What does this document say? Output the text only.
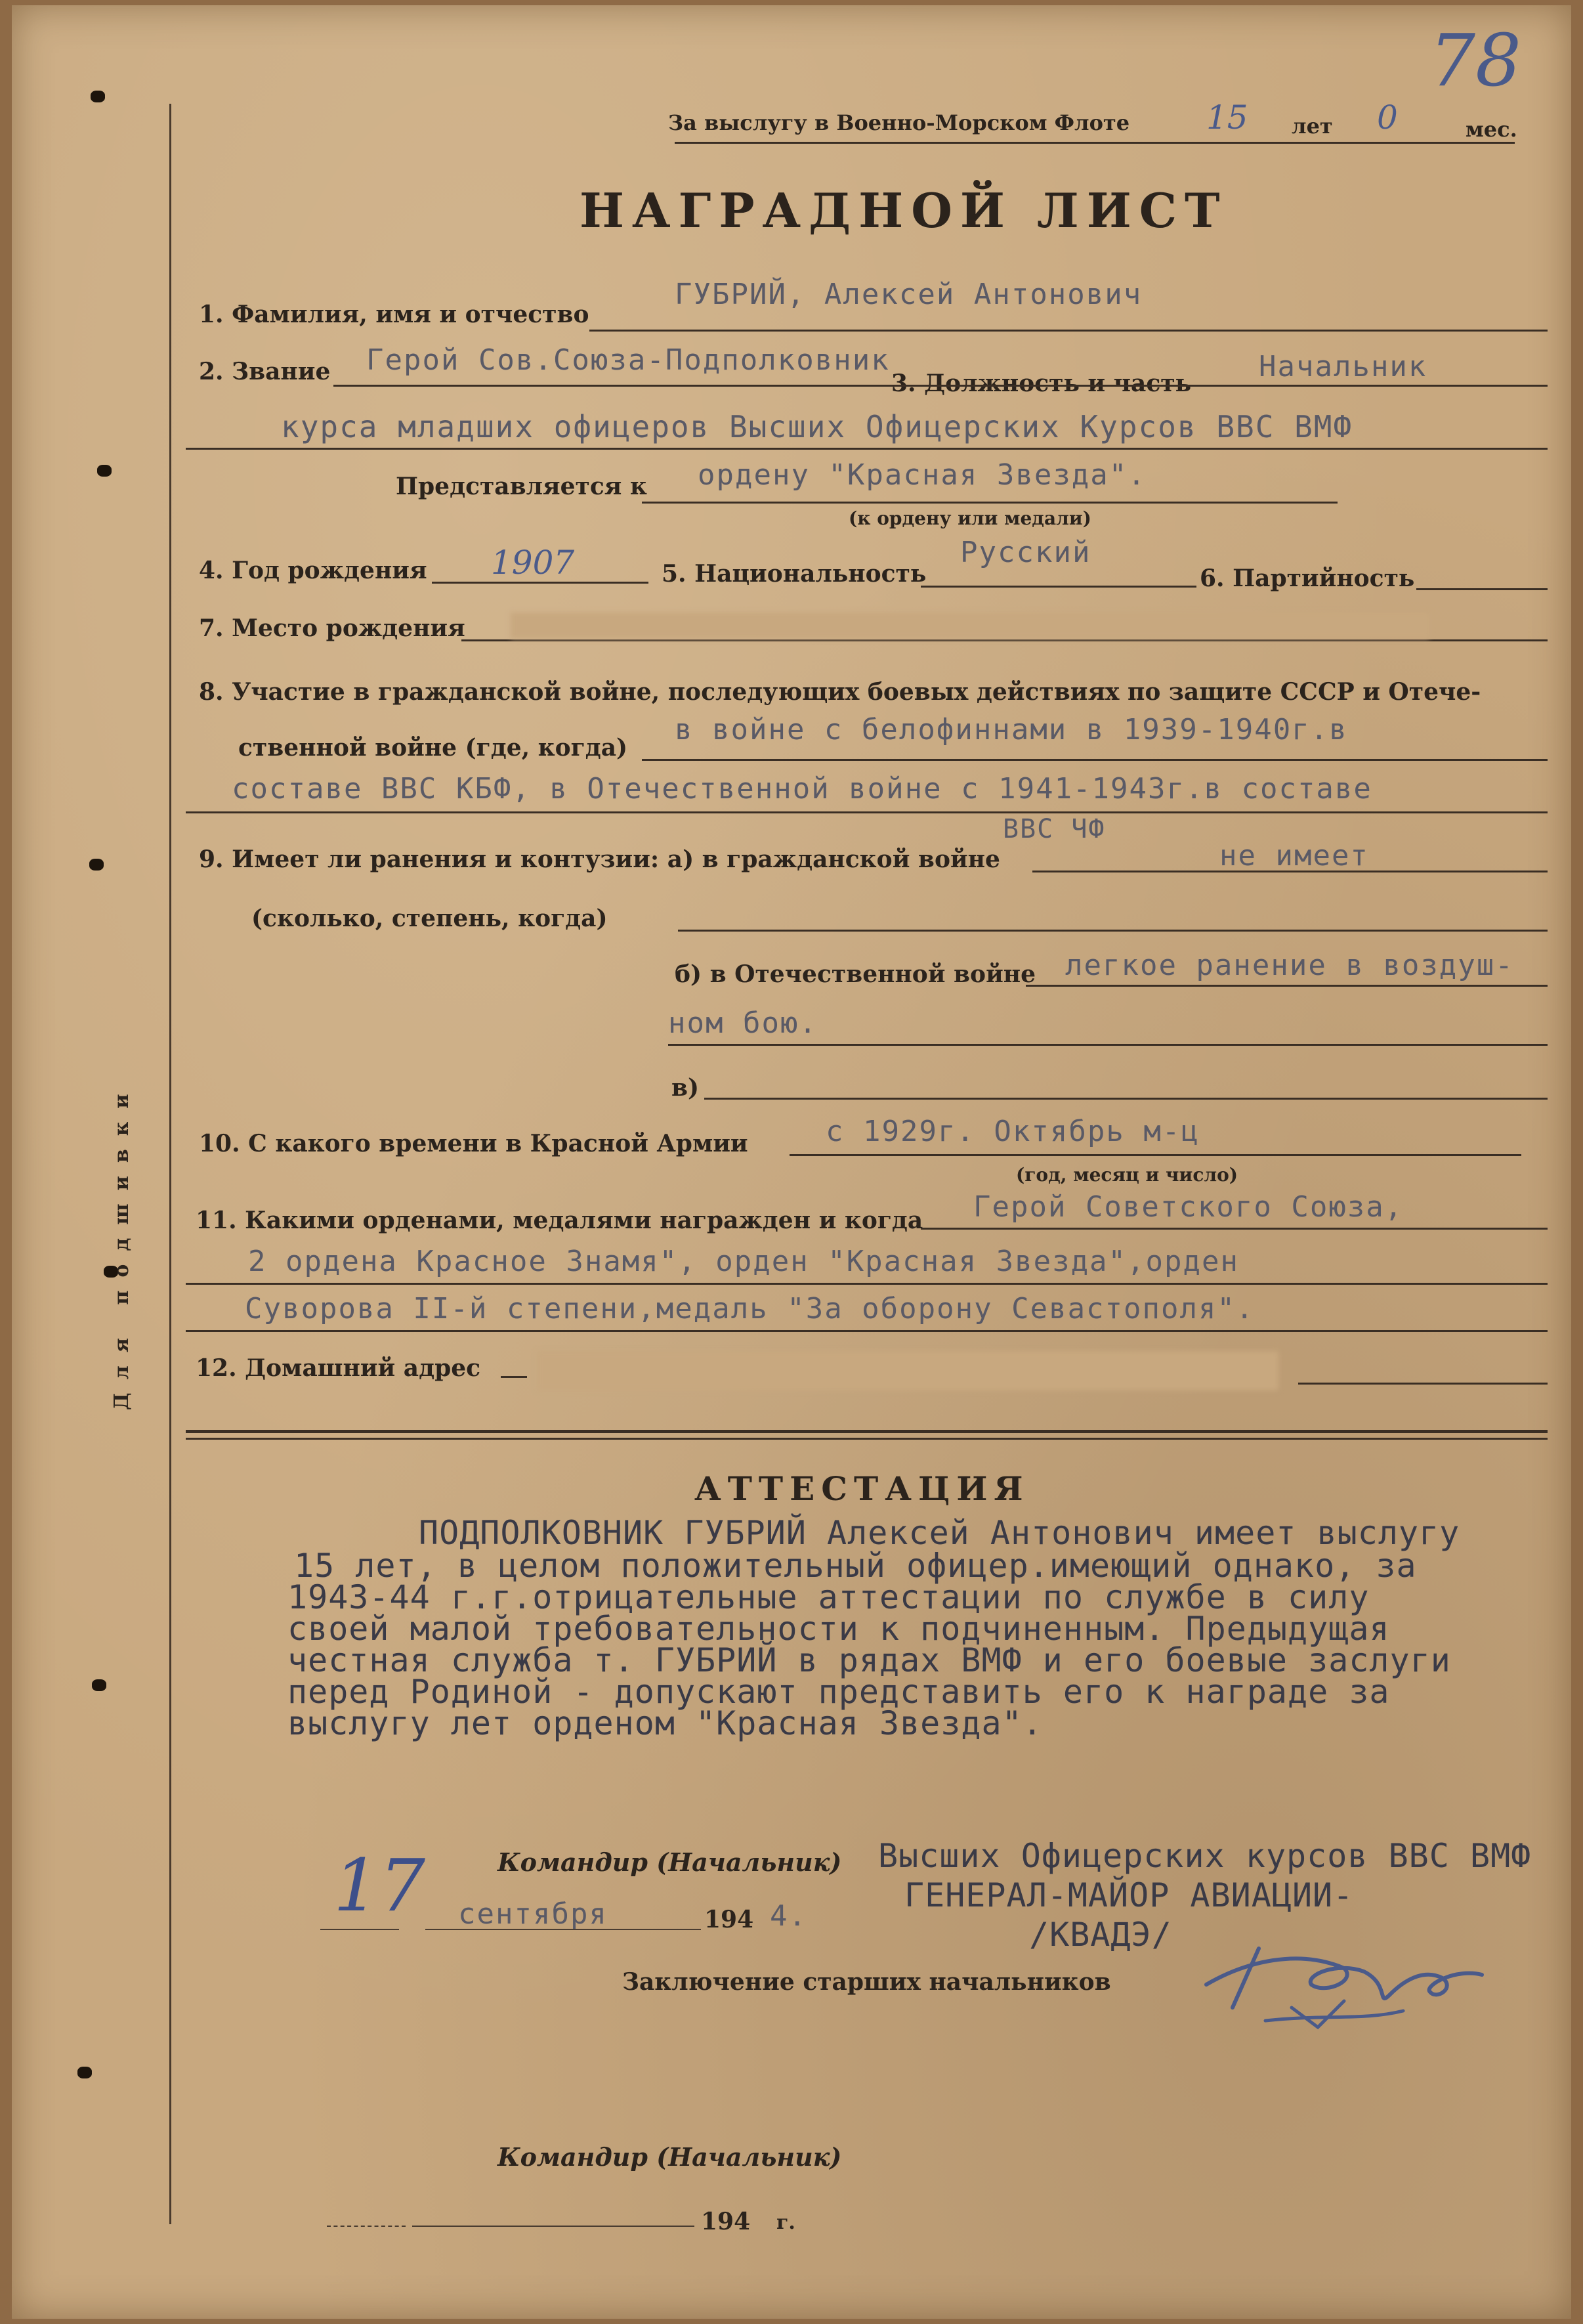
Для подшивки
78
За выслугу в Военно-Морском Флоте 15 лет 0	мес.
НАГРАДНОЙ ЛИСТ
1. Фамилия, имя и отчество
ГУБРИЙ, Алексей Антонович
2. Звание Герой Сов.Союза-Подполковник
3. Должность и часть Начальник
курса младших офицеров Высших Офицерских Курсов ВВС ВМФ
Представляется к ордену "Красная Звезда".
(к ордену или медали)
4. Год рождения 1907	5. Национальность
Русский
6. Партийность
7. Место рождения
8. Участие в гражданской войне, последующих боевых действиях по защите СССР и Отече-
ственной войне (где, когда)
в войне с белофиннами в 1939-1940г.в
составе ВВС КБФ, в Отечественной войне с 1941-1943г.в составе
ВВС ЧФ
9. Имеет ли ранения и контузии: а) в гражданской войне	не имеет
(сколько, степень, когда)
б) в Отечественной войне легкое ранение в воздуш-
ном бою.
в)
10. С какого времени в Красной Армии	с 1929г. Октябрь м-ц
(год, месяц и число)
11. Какими орденами, медалями награжден и когда Герой Советского Союза,
2 ордена Красное Знамя", орден "Красная Звезда",орден
Суворова II-й степени,медаль "За оборону Севастополя".
12. Домашний адрес
АТТЕСТАЦИЯ
ПОДПОЛКОВНИК ГУБРИЙ Алексей Антонович имеет выслугу
15 лет, в целом положительный офицер.имеющий однако, за
1943-44 г.г.отрицательные аттестации по службе в силу
своей малой требовательности к подчиненным. Предыдущая
честная служба т. ГУБРИЙ в рядах ВМФ и его боевые заслуги
перед Родиной - допускают представить его к награде за
выслугу лет орденом "Красная Звезда".
Командир (Начальник) Высших Офицерских курсов ВВС ВМФ
ГЕНЕРАЛ-МАЙОР АВИАЦИИ-
/КВАДЭ/
17 сентября	194 4.
Заключение старших начальников
Командир (Начальник)
194 г.
